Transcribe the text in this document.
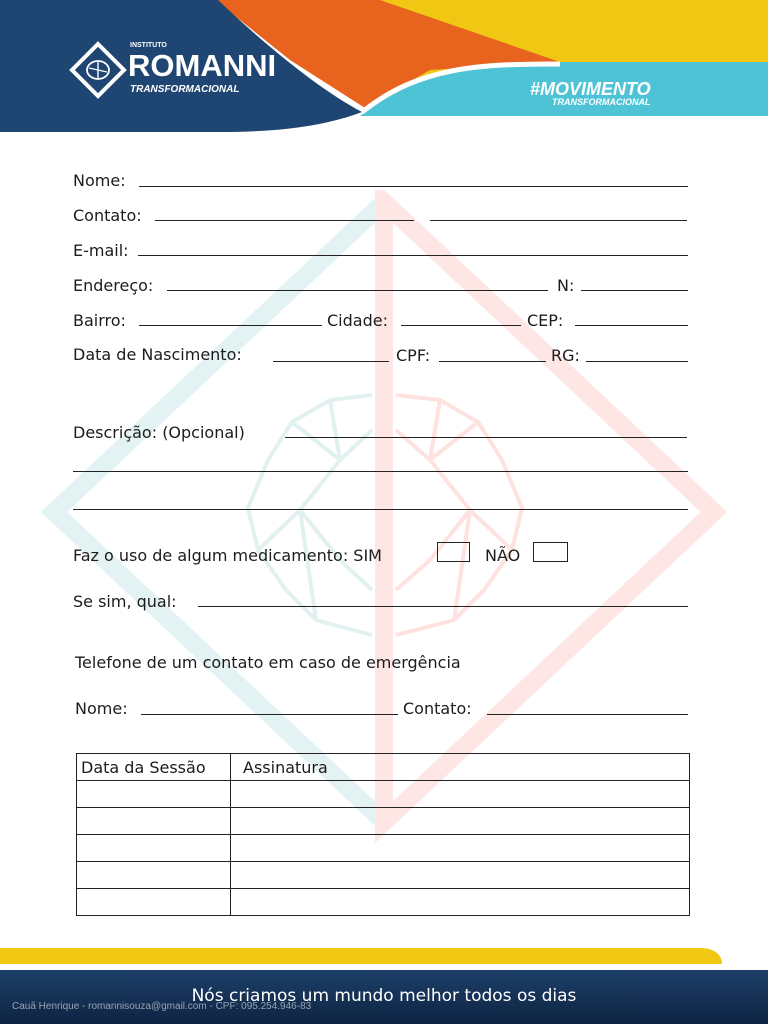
INSTITUTO
ROMANNI
TRANSFORMACIONAL	#MOVIMENTO
TRANSFORMACIONAL
Nome:
Contato:
E-mail:
Endereço:	N:
Bairro:	Cidade:	CEP:
Data de Nascimento:	CPF:	RG:
Descrição: (Opcional)
Faz o uso de algum medicamento: SIM	NÃO
Se sim, qual:
Telefone de um contato em caso de emergência
Nome:	Contato:
Data da Sessão	Assinatura

Nós criamos um mundo melhor todos os dias
Cauã Henrique - romannisouza@gmail.com - CPF: 095.254.946-83
